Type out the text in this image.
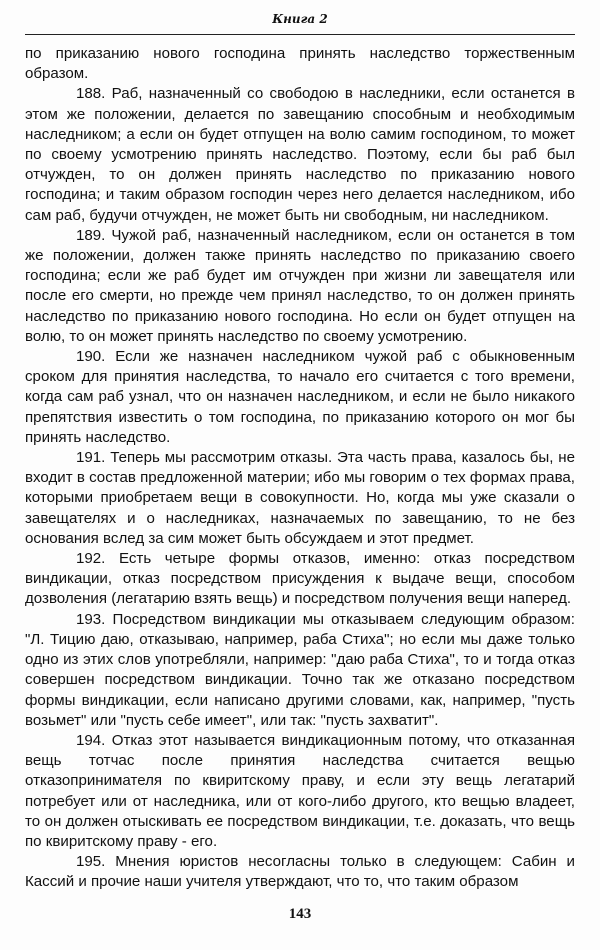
Книга 2

по приказанию нового господина принять наследство торжественным образом.

188. Раб, назначенный со свободою в наследники, если останется в этом же положении, делается по завещанию способным и необходимым наследником; а если он будет отпущен на волю самим господином, то может по своему усмотрению принять наследство. Поэтому, если бы раб был отчужден, то он должен принять наследство по приказанию нового господина; и таким образом господин через него делается наследником, ибо сам раб, будучи отчужден, не может быть ни свободным, ни наследником.

189. Чужой раб, назначенный наследником, если он останется в том же положении, должен также принять наследство по приказанию своего господина; если же раб будет им отчужден при жизни ли завещателя или после его смерти, но прежде чем принял наследство, то он должен принять наследство по приказанию нового господина. Но если он будет отпущен на волю, то он может принять наследство по своему усмотрению.

190. Если же назначен наследником чужой раб с обыкновенным сроком для принятия наследства, то начало его считается с того времени, когда сам раб узнал, что он назначен наследником, и если не было никакого препятствия известить о том господина, по приказанию которого он мог бы принять наследство.

191. Теперь мы рассмотрим отказы. Эта часть права, казалось бы, не входит в состав предложенной материи; ибо мы говорим о тех формах права, которыми приобретаем вещи в совокупности. Но, когда мы уже сказали о завещателях и о наследниках, назначаемых по завещанию, то не без основания вслед за сим может быть обсуждаем и этот предмет.

192. Есть четыре формы отказов, именно: отказ посредством виндикации, отказ посредством присуждения к выдаче вещи, способом дозволения (легатарию взять вещь) и посредством получения вещи наперед.

193. Посредством виндикации мы отказываем следующим образом: "Л. Тицию даю, отказываю, например, раба Стиха"; но если мы даже только одно из этих слов употребляли, например: "даю раба Стиха", то и тогда отказ совершен посредством виндикации. Точно так же отказано посредством формы виндикации, если написано другими словами, как, например, "пусть возьмет" или "пусть себе имеет", или так: "пусть захватит".

194. Отказ этот называется виндикационным потому, что отказанная вещь тотчас после принятия наследства считается вещью отказопринимателя по квиритскому праву, и если эту вещь легатарий потребует или от наследника, или от кого-либо другого, кто вещью владеет, то он должен отыскивать ее посредством виндикации, т.е. доказать, что вещь по квиритскому праву - его.

195. Мнения юристов несогласны только в следующем: Сабин и Кассий и прочие наши учителя утверждают, что то, что таким образом

143
